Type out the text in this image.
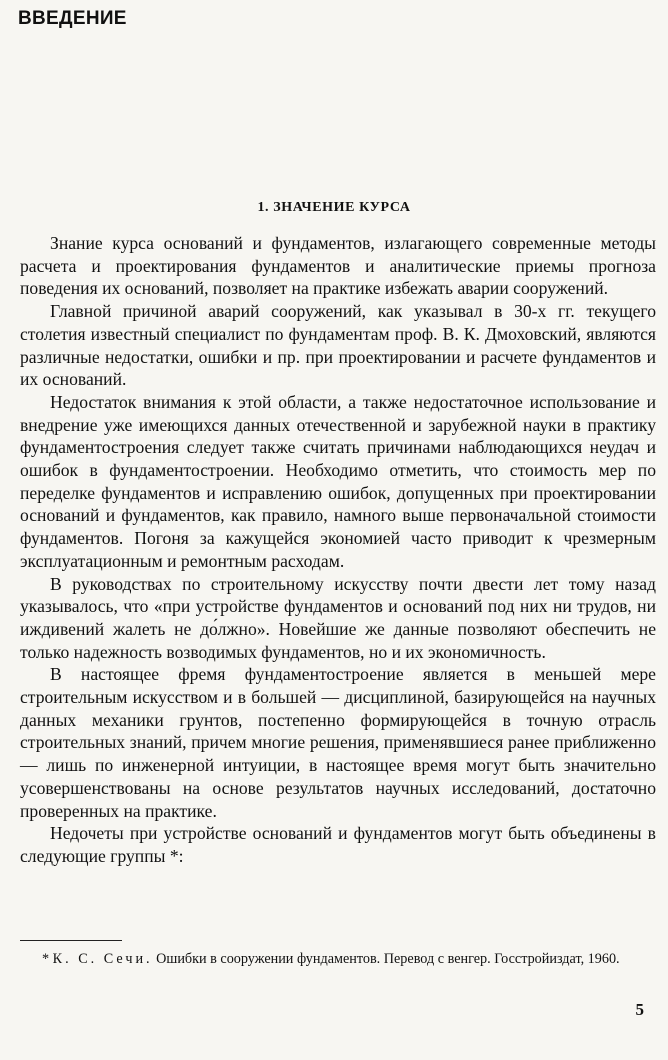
ВВЕДЕНИЕ
1. ЗНАЧЕНИЕ КУРСА

Знание курса оснований и фундаментов, излагающего современные методы расчета и проектирования фундаментов и аналитические приемы прогноза поведения их оснований, позволяет на практике избежать аварии сооружений.

Главной причиной аварий сооружений, как указывал в 30-х гг. текущего столетия известный специалист по фундаментам проф. В. К. Дмоховский, являются различные недостатки, ошибки и пр. при проектировании и расчете фундаментов и их оснований.

Недостаток внимания к этой области, а также недостаточное использование и внедрение уже имеющихся данных отечественной и зарубежной науки в практику фундаментостроения следует также считать причинами наблюдающихся неудач и ошибок в фундаментостроении. Необходимо отметить, что стоимость мер по переделке фундаментов и исправлению ошибок, допущенных при проектировании оснований и фундаментов, как правило, намного выше первоначальной стоимости фундаментов. Погоня за кажущейся экономией часто приводит к чрезмерным эксплуатационным и ремонтным расходам.

В руководствах по строительному искусству почти двести лет тому назад указывалось, что «при устройстве фундаментов и оснований под них ни трудов, ни иждивений жалеть не до́лжно». Новейшие же данные позволяют обеспечить не только надежность возводимых фундаментов, но и их экономичность.

В настоящее фремя фундаментостроение является в меньшей мере строительным искусством и в большей — дисциплиной, базирующейся на научных данных механики грунтов, постепенно формирующейся в точную отрасль строительных знаний, причем многие решения, применявшиеся ранее приближенно — лишь по инженерной интуиции, в настоящее время могут быть значительно усовершенствованы на основе результатов научных исследований, достаточно проверенных на практике.

Недочеты при устройстве оснований и фундаментов могут быть объединены в следующие группы *:

* К. С. Сечи. Ошибки в сооружении фундаментов. Перевод с венгер. Госстройиздат, 1960.

5
